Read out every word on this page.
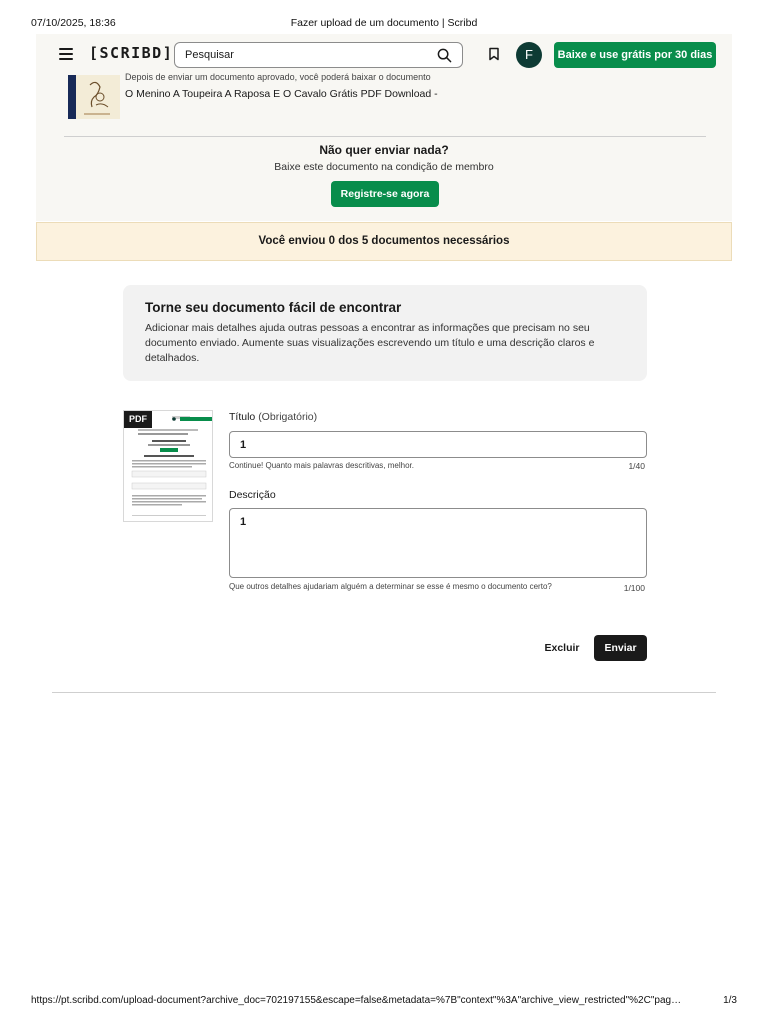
07/10/2025, 18:36	Fazer upload de um documento | Scribd
[SCRIBD]
Pesquisar	F	Baixe e use grátis por 30 dias
Depois de enviar um documento aprovado, você poderá baixar o documento
O Menino A Toupeira A Raposa E O Cavalo Grátis PDF Download -
Não quer enviar nada?
Baixe este documento na condição de membro
Registre-se agora
Você enviou 0 dos 5 documentos necessários
Torne seu documento fácil de encontrar

Adicionar mais detalhes ajuda outras pessoas a encontrar as informações que precisam no seu documento enviado. Aumente suas visualizações escrevendo um título e uma descrição claros e detalhados.

PDF	Título (Obrigatório)
1
Continue! Quanto mais palavras descritivas, melhor.	1/40
Descrição
1
Que outros detalhes ajudariam alguém a determinar se esse é mesmo o documento certo?	1/100
Excluir	Enviar
https://pt.scribd.com/upload-document?archive_doc=702197155&escape=false&metadata=%7B"context"%3A"archive_view_restricted"%2C"pag…	1/3
